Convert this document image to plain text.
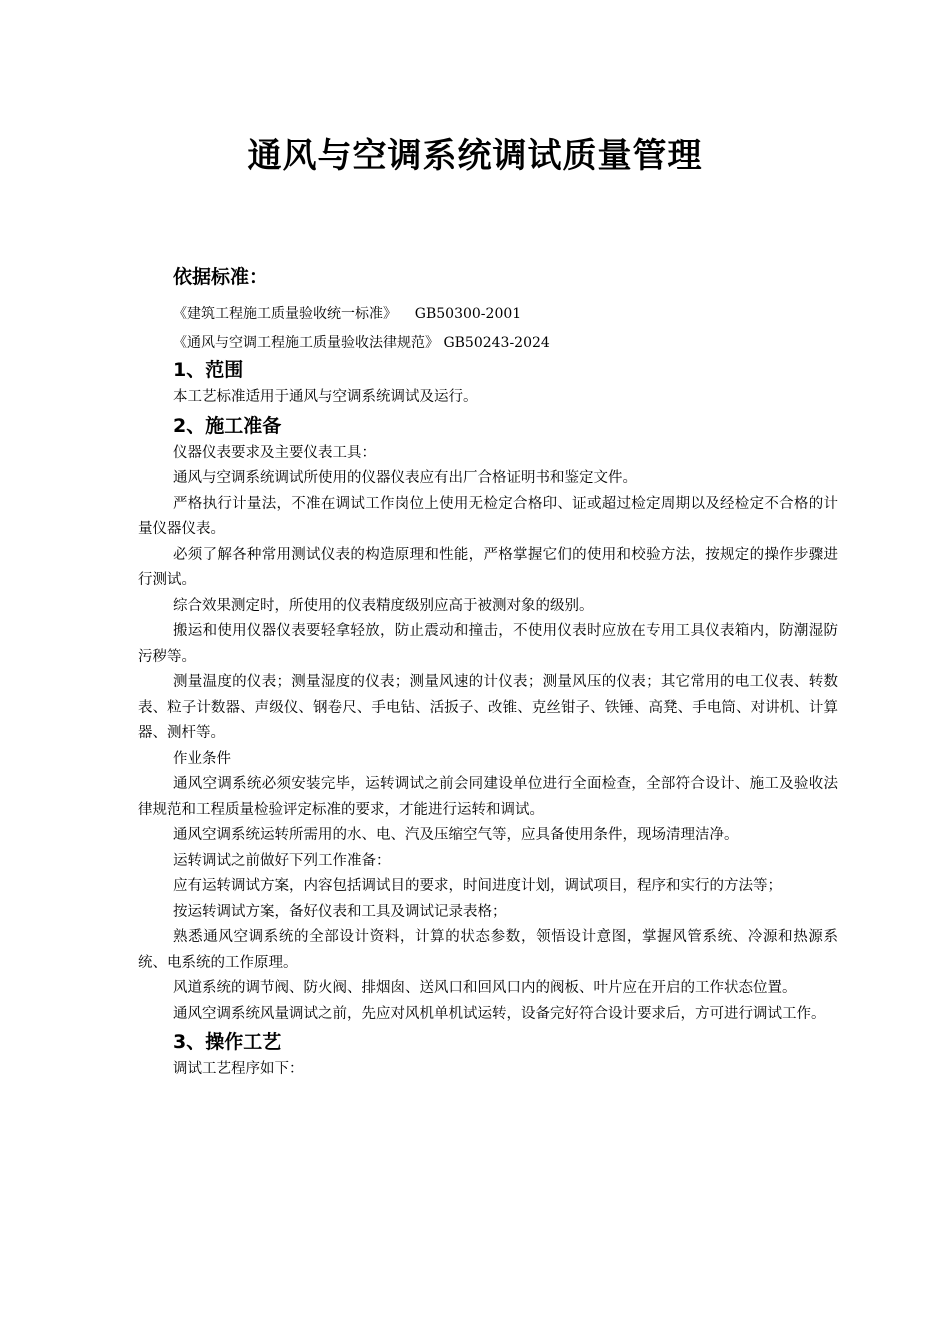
通风与空调系统调试质量管理
依据标准：

《建筑工程施工质量验收统一标准》    GB50300-2001

《通风与空调工程施工质量验收法律规范》 GB50243-2024

1、范围

本工艺标准适用于通风与空调系统调试及运行。

2、施工准备

仪器仪表要求及主要仪表工具：

通风与空调系统调试所使用的仪器仪表应有出厂合格证明书和鉴定文件。

严格执行计量法，不准在调试工作岗位上使用无检定合格印、证或超过检定周期以及经检定不合格的计量仪器仪表。

必须了解各种常用测试仪表的构造原理和性能，严格掌握它们的使用和校验方法，按规定的操作步骤进行测试。

综合效果测定时，所使用的仪表精度级别应高于被测对象的级别。

搬运和使用仪器仪表要轻拿轻放，防止震动和撞击，不使用仪表时应放在专用工具仪表箱内，防潮湿防污秽等。

测量温度的仪表；测量湿度的仪表；测量风速的计仪表；测量风压的仪表；其它常用的电工仪表、转数表、粒子计数器、声级仪、钢卷尺、手电钻、活扳子、改锥、克丝钳子、铁锤、高凳、手电筒、对讲机、计算器、测杆等。

作业条件

通风空调系统必须安装完毕，运转调试之前会同建设单位进行全面检查，全部符合设计、施工及验收法律规范和工程质量检验评定标准的要求，才能进行运转和调试。

通风空调系统运转所需用的水、电、汽及压缩空气等，应具备使用条件，现场清理洁净。

运转调试之前做好下列工作准备：

应有运转调试方案，内容包括调试目的要求，时间进度计划，调试项目，程序和实行的方法等；

按运转调试方案，备好仪表和工具及调试记录表格；

熟悉通风空调系统的全部设计资料，计算的状态参数，领悟设计意图，掌握风管系统、冷源和热源系统、电系统的工作原理。

风道系统的调节阀、防火阀、排烟囱、送风口和回风口内的阀板、叶片应在开启的工作状态位置。

通风空调系统风量调试之前，先应对风机单机试运转，设备完好符合设计要求后，方可进行调试工作。

3、操作工艺

调试工艺程序如下：
